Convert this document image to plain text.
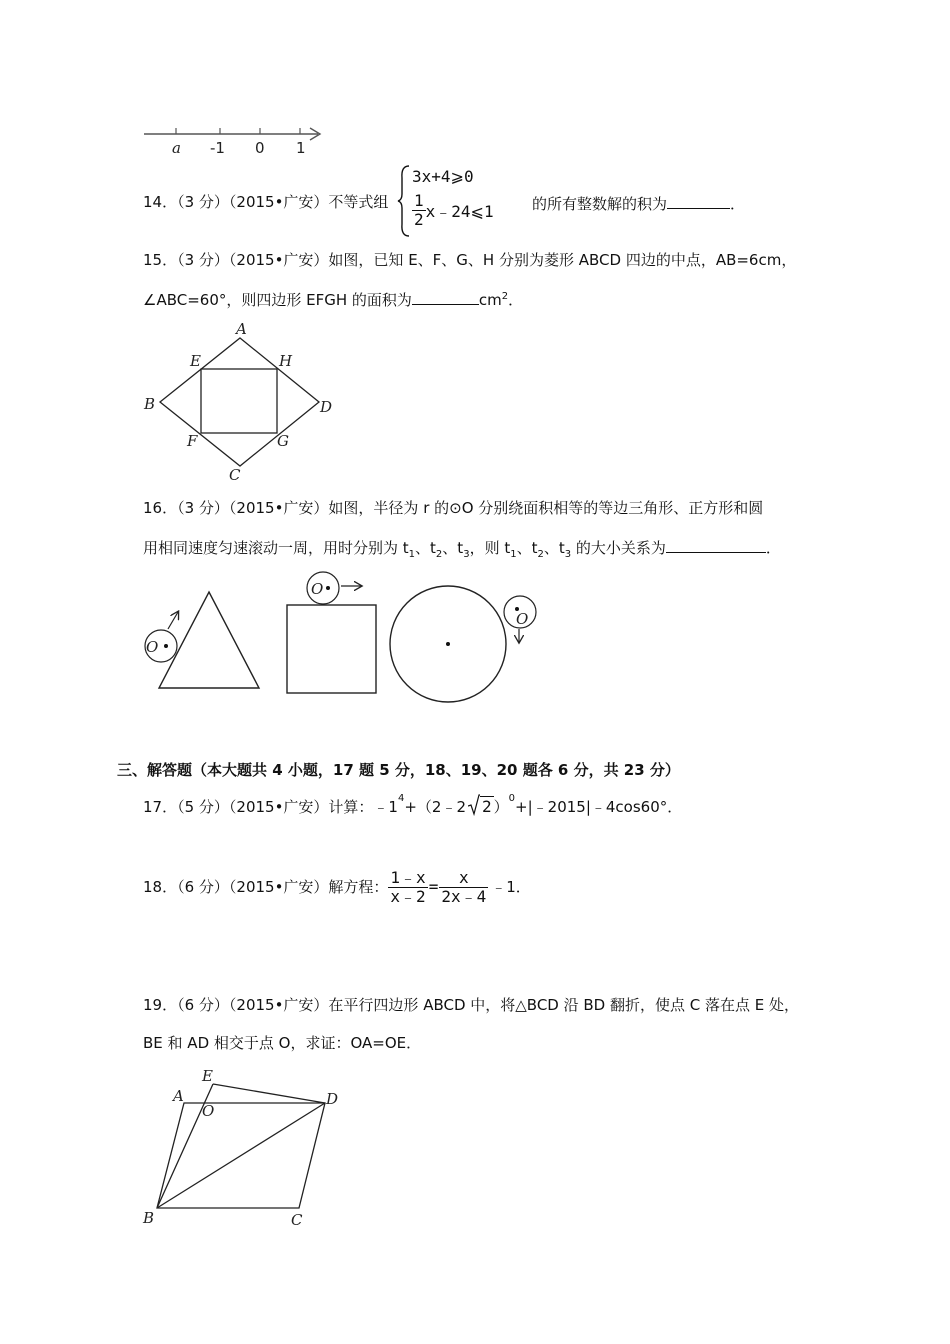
a -1 0 1
14．（3 分）（2015•广安）不等式组
3x+4⩾0
$\frac{1}{2}$ x﹣24⩽1	的所有整数解的积为	．
15．（3 分）（2015•广安）如图，已知 E、F、G、H 分别为菱形 ABCD 四边的中点，AB=6cm，
∠ABC=60°，则四边形 EFGH 的面积为	$cm^2$．
A
B
C
D
E
F	G
H
16．（3 分）（2015•广安）如图，半径为 r 的⊙O 分别绕面积相等的等边三角形、正方形和圆
用相同速度匀速滚动一周，用时分别为 $t_1$、$t_2$、$t_3$，则 $t_1$、$t_2$、$t_3$ 的大小关系为	．
O
O
O
三、解答题（本大题共 4 小题，17 题 5 分，18、19、20 题各 6 分，共 23 分）
17．（5 分）（2015•广安）计算：$﹣1^4$ +（2﹣2	2 ）$^0$ +|﹣2015|﹣4cos60°．
18．（6 分）（2015•广安）解方程： $\frac{1﹣x}{x﹣2} = \frac{x}{2x﹣4}$ ﹣1．
19．（6 分）（2015•广安）在平行四边形 ABCD 中，将△BCD 沿 BD 翻折，使点 C 落在点 E 处，
BE 和 AD 相交于点 O，求证：OA=OE．
A
B	C
D
E
O
